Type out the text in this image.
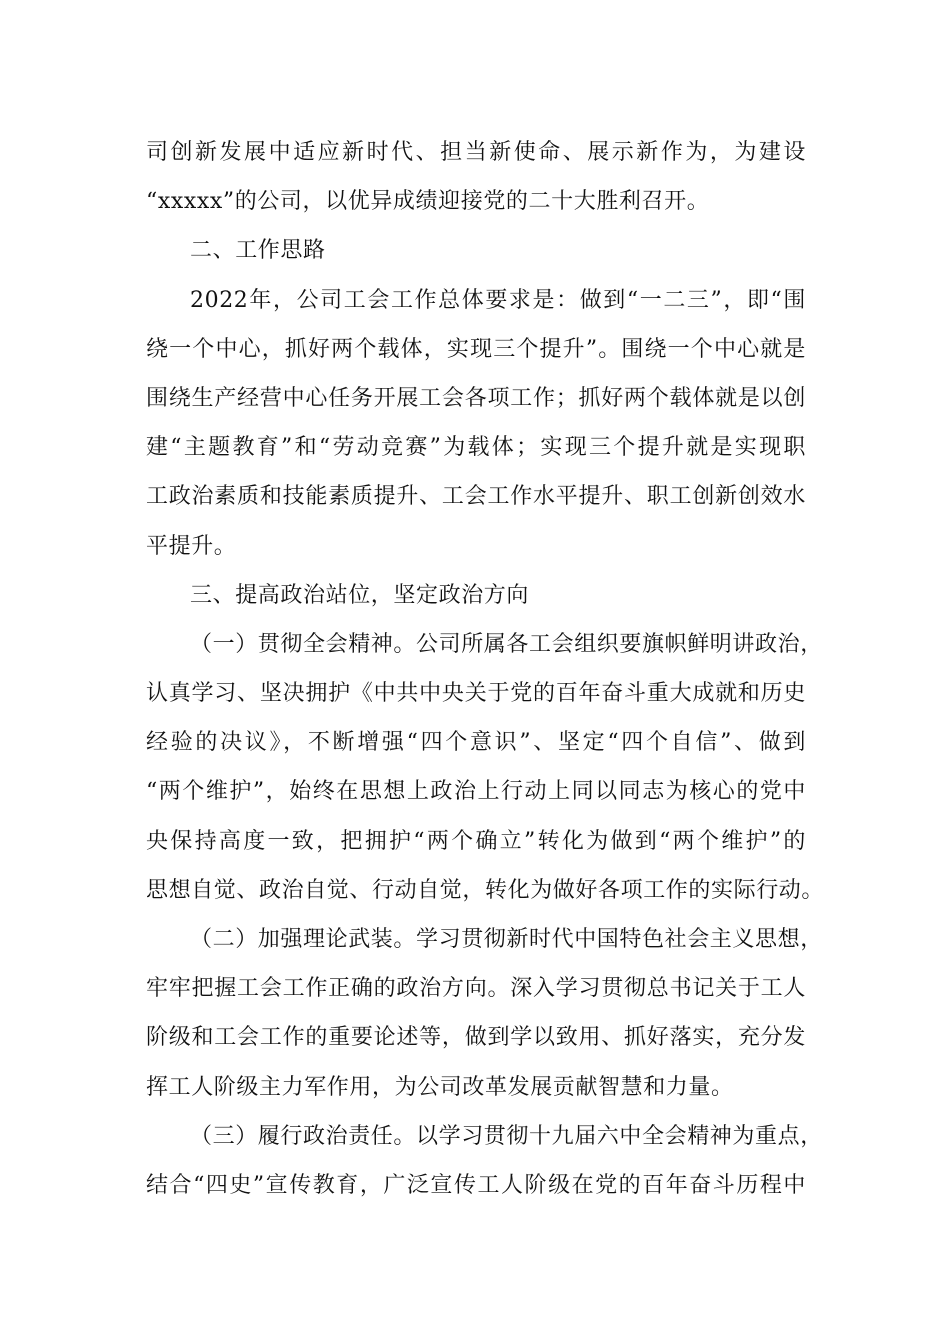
司创新发展中适应新时代、担当新使命、展示新作为，为建设
“xxxxx”的公司，以优异成绩迎接党的二十大胜利召开。
二、工作思路
2022年，公司工会工作总体要求是：做到“一二三”，即“围
绕一个中心，抓好两个载体，实现三个提升”。围绕一个中心就是
围绕生产经营中心任务开展工会各项工作；抓好两个载体就是以创
建“主题教育”和“劳动竞赛”为载体；实现三个提升就是实现职
工政治素质和技能素质提升、工会工作水平提升、职工创新创效水
平提升。
三、提高政治站位，坚定政治方向
（一）贯彻全会精神。公司所属各工会组织要旗帜鲜明讲政治，
认真学习、坚决拥护《中共中央关于党的百年奋斗重大成就和历史
经验的决议》，不断增强“四个意识”、坚定“四个自信”、做到
“两个维护”，始终在思想上政治上行动上同以同志为核心的党中
央保持高度一致，把拥护“两个确立”转化为做到“两个维护”的
思想自觉、政治自觉、行动自觉，转化为做好各项工作的实际行动。
（二）加强理论武装。学习贯彻新时代中国特色社会主义思想，
牢牢把握工会工作正确的政治方向。深入学习贯彻总书记关于工人
阶级和工会工作的重要论述等，做到学以致用、抓好落实，充分发
挥工人阶级主力军作用，为公司改革发展贡献智慧和力量。
（三）履行政治责任。以学习贯彻十九届六中全会精神为重点，
结合“四史”宣传教育，广泛宣传工人阶级在党的百年奋斗历程中
